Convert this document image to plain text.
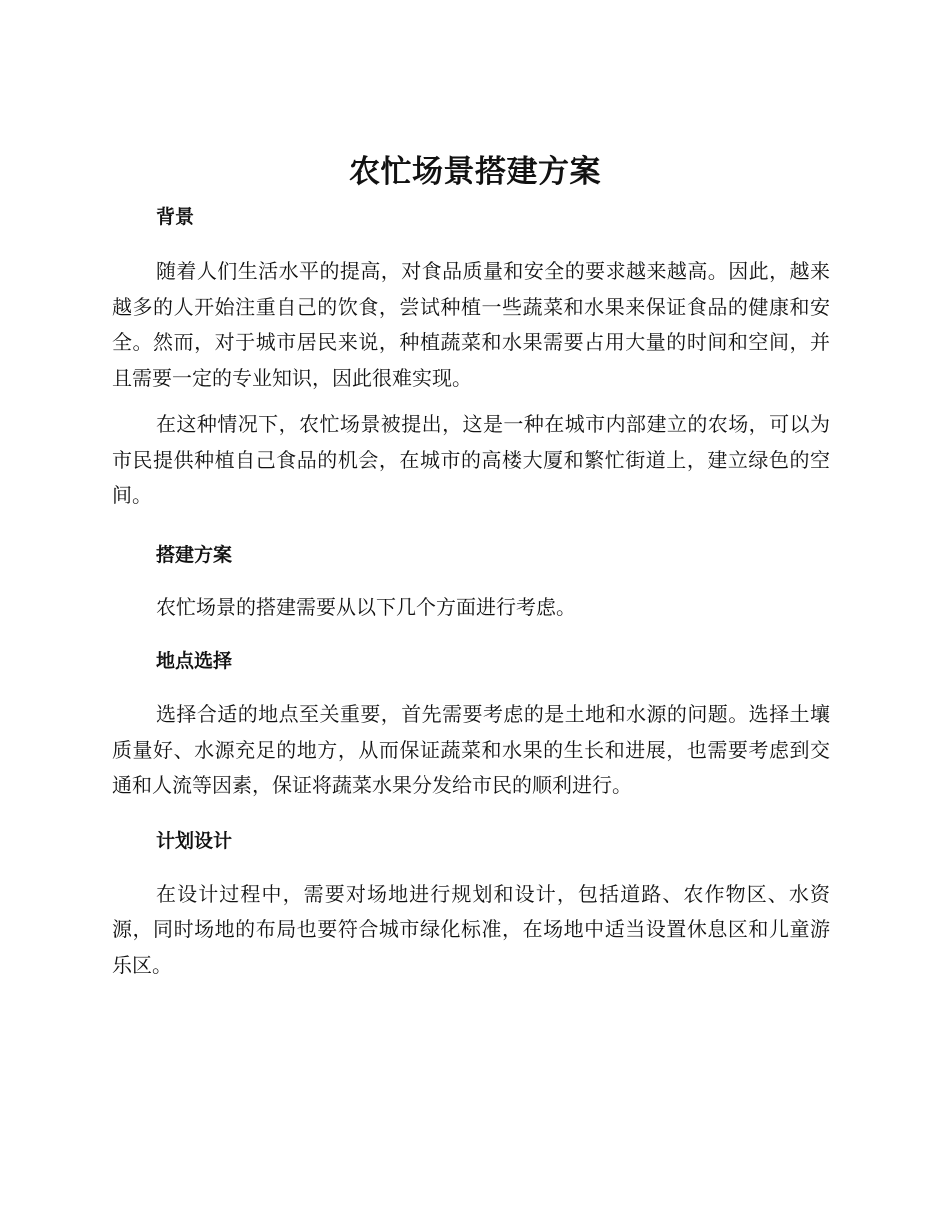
农忙场景搭建方案
背景

随着人们生活水平的提高，对食品质量和安全的要求越来越高。因此，越来越多的人开始注重自己的饮食，尝试种植一些蔬菜和水果来保证食品的健康和安全。然而，对于城市居民来说，种植蔬菜和水果需要占用大量的时间和空间，并且需要一定的专业知识，因此很难实现。

在这种情况下，农忙场景被提出，这是一种在城市内部建立的农场，可以为市民提供种植自己食品的机会，在城市的高楼大厦和繁忙街道上，建立绿色的空间。

搭建方案

农忙场景的搭建需要从以下几个方面进行考虑。

地点选择

选择合适的地点至关重要，首先需要考虑的是土地和水源的问题。选择土壤质量好、水源充足的地方，从而保证蔬菜和水果的生长和进展，也需要考虑到交通和人流等因素，保证将蔬菜水果分发给市民的顺利进行。

计划设计

在设计过程中，需要对场地进行规划和设计，包括道路、农作物区、水资源，同时场地的布局也要符合城市绿化标准，在场地中适当设置休息区和儿童游乐区。
